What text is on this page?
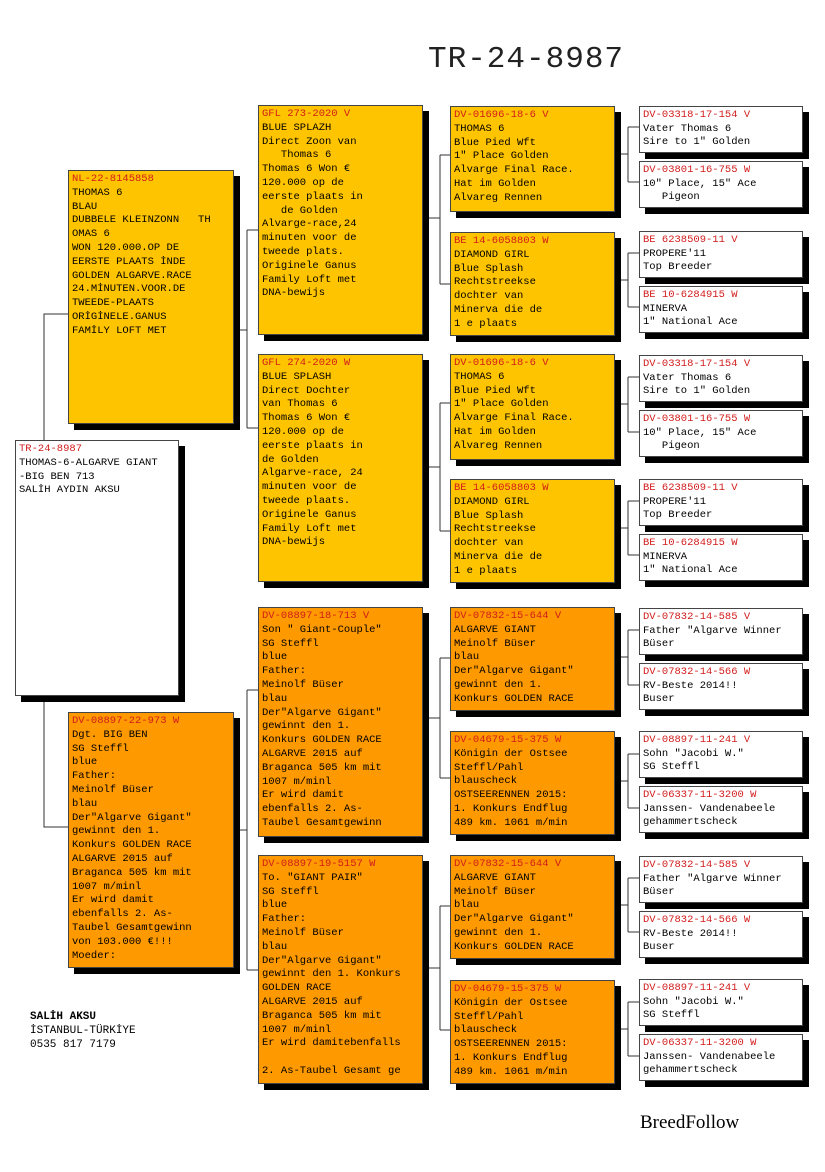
TR-24-8987
TR-24-8987
THOMAS-6-ALGARVE GIANT
-BIG BEN 713
SALİH AYDIN AKSU
NL-22-8145858
THOMAS 6
BLAU
DUBBELE KLEINZONN   TH
OMAS 6
WON 120.000.OP DE
EERSTE PLAATS İNDE
GOLDEN ALGARVE.RACE
24.MİNUTEN.VOOR.DE
TWEEDE-PLAATS
ORİGİNELE.GANUS
FAMİLY LOFT MET
DV-08897-22-973 W
Dgt. BIG BEN
SG Steffl
blue
Father:
Meinolf Büser
blau
Der"Algarve Gigant"
gewinnt den 1.
Konkurs GOLDEN RACE
ALGARVE 2015 auf
Braganca 505 km mit
1007 m/minl
Er wird damit
ebenfalls 2. As-
Taubel Gesamtgewinn
von 103.000 €!!!
Moeder:
GFL 273-2020 V
BLUE SPLAZH
Direct Zoon van
Thomas 6
Thomas 6 Won €
120.000 op de
eerste plaats in
de Golden
Alvarge-race,24
minuten voor de
tweede plats.
Originele Ganus
Family Loft met
DNA-bewijs
GFL 274-2020 W
BLUE SPLASH
Direct Dochter
van Thomas 6
Thomas 6 Won €
120.000 op de
eerste plaats in
de Golden
Algarve-race, 24
minuten voor de
tweede plaats.
Originele Ganus
Family Loft met
DNA-bewijs
DV-08897-18-713 V
Son " Giant-Couple"
SG Steffl
blue
Father:
Meinolf Büser
blau
Der"Algarve Gigant"
gewinnt den 1.
Konkurs GOLDEN RACE
ALGARVE 2015 auf
Braganca 505 km mit
1007 m/minl
Er wird damit
ebenfalls 2. As-
Taubel Gesamtgewinn
DV-08897-19-5157 W
To. "GIANT PAIR"
SG Steffl
blue
Father:
Meinolf Büser
blau
Der"Algarve Gigant"
gewinnt den 1. Konkurs
GOLDEN RACE
ALGARVE 2015 auf
Braganca 505 km mit
1007 m/minl
Er wird damitebenfalls

2. As-Taubel Gesamt ge
DV-01696-18-6 V
THOMAS 6
Blue Pied Wft
1" Place Golden
Alvarge Final Race.
Hat im Golden
Alvareg Rennen
BE 14-6058803 W
DIAMOND GIRL
Blue Splash
Rechtstreekse
dochter van
Minerva die de
1 e plaats
DV-01696-18-6 V
THOMAS 6
Blue Pied Wft
1" Place Golden
Alvarge Final Race.
Hat im Golden
Alvareg Rennen
BE 14-6058803 W
DIAMOND GIRL
Blue Splash
Rechtstreekse
dochter van
Minerva die de
1 e plaats
DV-07832-15-644 V
ALGARVE GIANT
Meinolf Büser
blau
Der"Algarve Gigant"
gewinnt den 1.
Konkurs GOLDEN RACE
DV-04679-15-375 W
Königin der Ostsee
Steffl/Pahl
blauscheck
OSTSEERENNEN 2015:
1. Konkurs Endflug
489 km. 1061 m/min
DV-07832-15-644 V
ALGARVE GIANT
Meinolf Büser
blau
Der"Algarve Gigant"
gewinnt den 1.
Konkurs GOLDEN RACE
DV-04679-15-375 W
Königin der Ostsee
Steffl/Pahl
blauscheck
OSTSEERENNEN 2015:
1. Konkurs Endflug
489 km. 1061 m/min
DV-03318-17-154 V
Vater Thomas 6
Sire to 1" Golden
DV-03801-16-755 W
10" Place, 15" Ace
Pigeon
BE 6238509-11 V
PROPERE'11
Top Breeder
BE 10-6284915 W
MINERVA
1" National Ace
DV-03318-17-154 V
Vater Thomas 6
Sire to 1" Golden
DV-03801-16-755 W
10" Place, 15" Ace
Pigeon
BE 6238509-11 V
PROPERE'11
Top Breeder
BE 10-6284915 W
MINERVA
1" National Ace
DV-07832-14-585 V
Father "Algarve Winner
Büser
DV-07832-14-566 W
RV-Beste 2014!!
Buser
DV-08897-11-241 V
Sohn "Jacobi W."
SG Steffl
DV-06337-11-3200 W
Janssen- Vandenabeele
gehammertscheck
DV-07832-14-585 V
Father "Algarve Winner
Büser
DV-07832-14-566 W
RV-Beste 2014!!
Buser
DV-08897-11-241 V
Sohn "Jacobi W."
SG Steffl
DV-06337-11-3200 W
Janssen- Vandenabeele
gehammertscheck
SALİH AKSU
İSTANBUL-TÜRKİYE
0535 817 7179
BreedFollow
